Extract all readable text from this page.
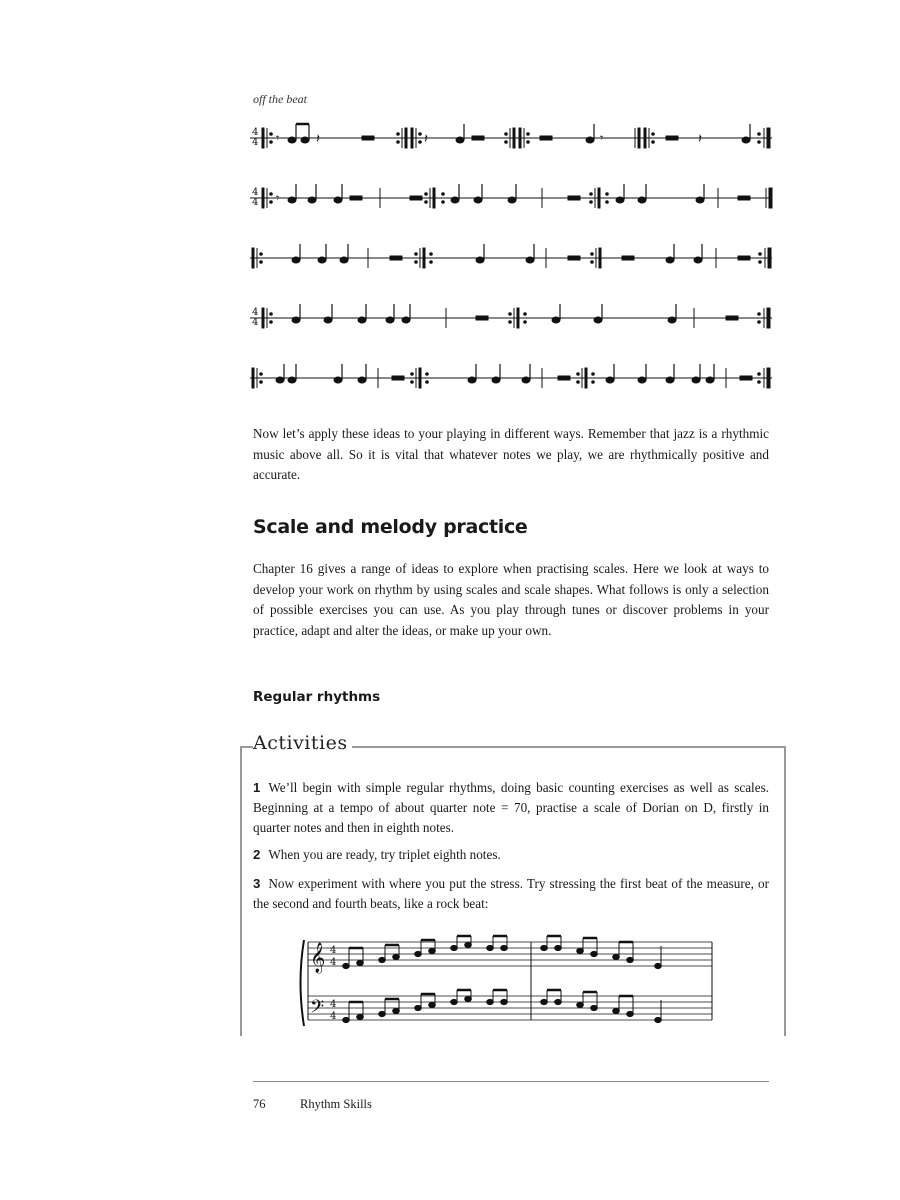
off the beat
4
4 𝄾	𝄽	𝄽	𝄾	𝄽
4
4 𝄾
4
4

Now let’s apply these ideas to your playing in different ways. Remember that jazz is a rhythmic music above all. So it is vital that whatever notes we play, we are rhythmically positive and accurate.

Scale and melody practice

Chapter 16 gives a range of ideas to explore when practising scales. Here we look at ways to develop your work on rhythm by using scales and scale shapes. What follows is only a selection of possible exercises you can use. As you play through tunes or discover problems in your practice, adapt and alter the ideas, or make up your own.

Regular rhythms
Activities

1 We’ll begin with simple regular rhythms, doing basic counting exercises as well as scales. Beginning at a tempo of about quarter note = 70, practise a scale of Dorian on D, firstly in quarter notes and then in eighth notes.

2 When you are ready, try triplet eighth notes.

3 Now experiment with where you put the stress. Try stressing the first beat of the measure, or the second and fourth beats, like a rock beat:

𝄞
𝄢
4
4
4
4
76	Rhythm Skills
